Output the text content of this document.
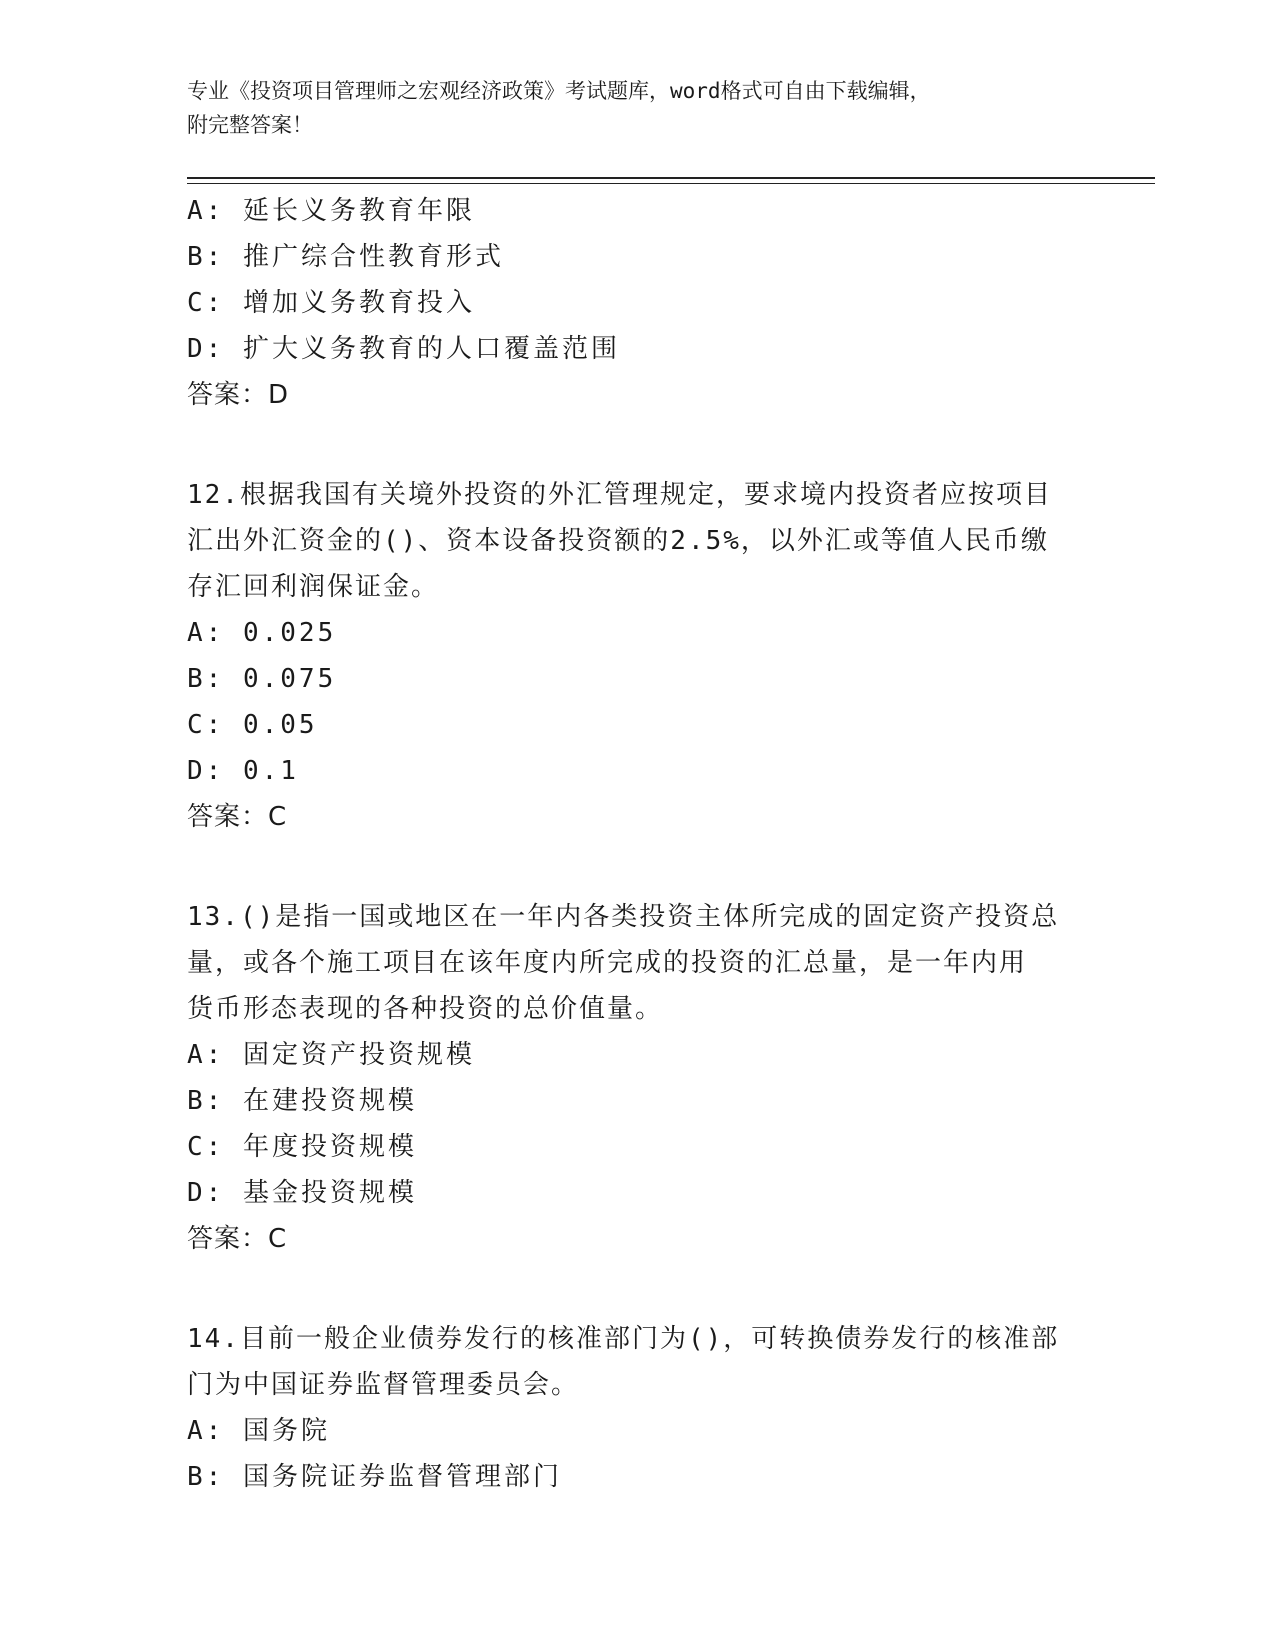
专业《投资项目管理师之宏观经济政策》考试题库，word格式可自由下载编辑，
附完整答案！
A: 延长义务教育年限
B: 推广综合性教育形式
C: 增加义务教育投入
D: 扩大义务教育的人口覆盖范围
答案：D
12.根据我国有关境外投资的外汇管理规定，要求境内投资者应按项目
汇出外汇资金的()、资本设备投资额的2.5%，以外汇或等值人民币缴
存汇回利润保证金。
A: 0.025
B: 0.075
C: 0.05
D: 0.1
答案：C
13.()是指一国或地区在一年内各类投资主体所完成的固定资产投资总
量，或各个施工项目在该年度内所完成的投资的汇总量，是一年内用
货币形态表现的各种投资的总价值量。
A: 固定资产投资规模
B: 在建投资规模
C: 年度投资规模
D: 基金投资规模
答案：C
14.目前一般企业债券发行的核准部门为()，可转换债券发行的核准部
门为中国证券监督管理委员会。
A: 国务院
B: 国务院证券监督管理部门
